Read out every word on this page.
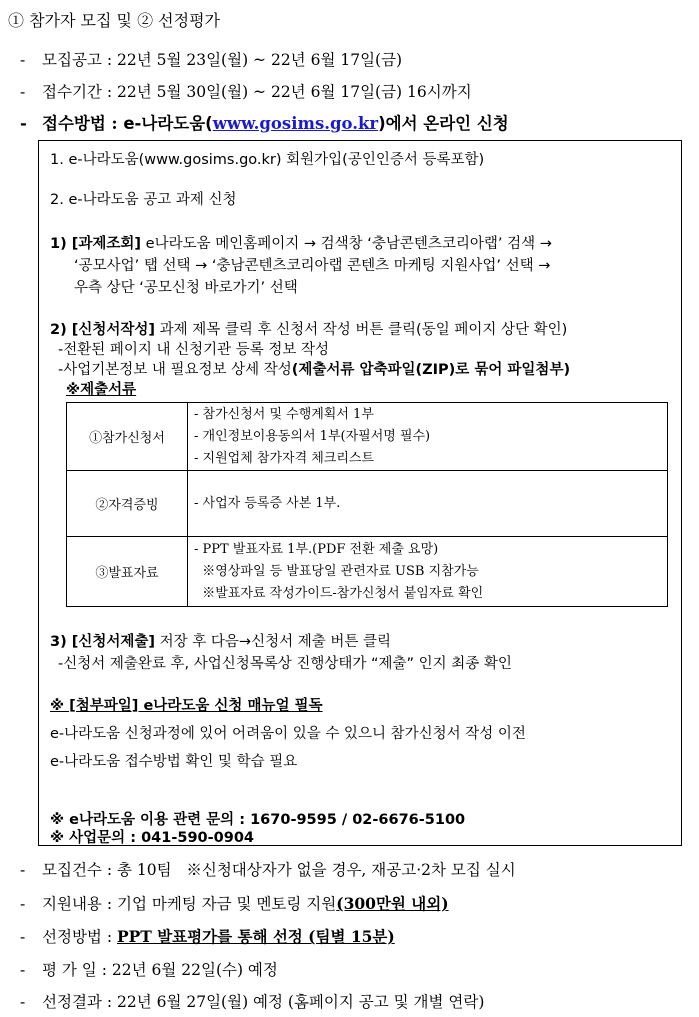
① 참가자 모집 및 ② 선정평가
- 모집공고 : 22년 5월 23일(월) ~ 22년 6월 17일(금)
- 접수기간 : 22년 5월 30일(월) ~ 22년 6월 17일(금) 16시까지
- 접수방법 : e-나라도움(www.gosims.go.kr)에서 온라인 신청
1. e-나라도움(www.gosims.go.kr) 회원가입(공인인증서 등록포함)
2. e-나라도움 공고 과제 신청
1) [과제조회] e나라도움 메인홈페이지 → 검색창 ‘충남콘텐츠코리아랩’ 검색 →
‘공모사업’ 탭 선택 → ‘충남콘텐츠코리아랩 콘텐츠 마케팅 지원사업’ 선택 →
우측 상단 ‘공모신청 바로가기’ 선택
2) [신청서작성] 과제 제목 클릭 후 신청서 작성 버튼 클릭(동일 페이지 상단 확인)
-전환된 페이지 내 신청기관 등록 정보 작성
-사업기본정보 내 필요정보 상세 작성(제출서류 압축파일(ZIP)로 묶어 파일첨부)
※제출서류
①참가신청서	- 참가신청서 및 수행계획서 1부
- 개인정보이용동의서 1부(자필서명 필수)
- 지원업체 참가자격 체크리스트

②자격증빙	- 사업자 등록증 사본 1부.

③발표자료	- PPT 발표자료 1부.(PDF 전환 제출 요망)
※영상파일 등 발표당일 관련자료 USB 지참가능
※발표자료 작성가이드-참가신청서 붙임자료 확인
3) [신청서제출] 저장 후 다음→신청서 제출 버튼 클릭
-신청서 제출완료 후, 사업신청목록상 진행상태가 “제출” 인지 최종 확인
※ [첨부파일] e나라도움 신청 매뉴얼 필독
e-나라도움 신청과정에 있어 어려움이 있을 수 있으니 참가신청서 작성 이전
e-나라도움 접수방법 확인 및 학습 필요
※ e나라도움 이용 관련 문의 : 1670-9595 / 02-6676-5100
※ 사업문의 : 041-590-0904
- 모집건수 : 총 10팀   ※신청대상자가 없을 경우, 재공고·2차 모집 실시
- 지원내용 : 기업 마케팅 자금 및 멘토링 지원(300만원 내외)
- 선정방법 : PPT 발표평가를 통해 선정 (팀별 15분)
- 평 가 일 : 22년 6월 22일(수) 예정
- 선정결과 : 22년 6월 27일(월) 예정 (홈페이지 공고 및 개별 연락)
